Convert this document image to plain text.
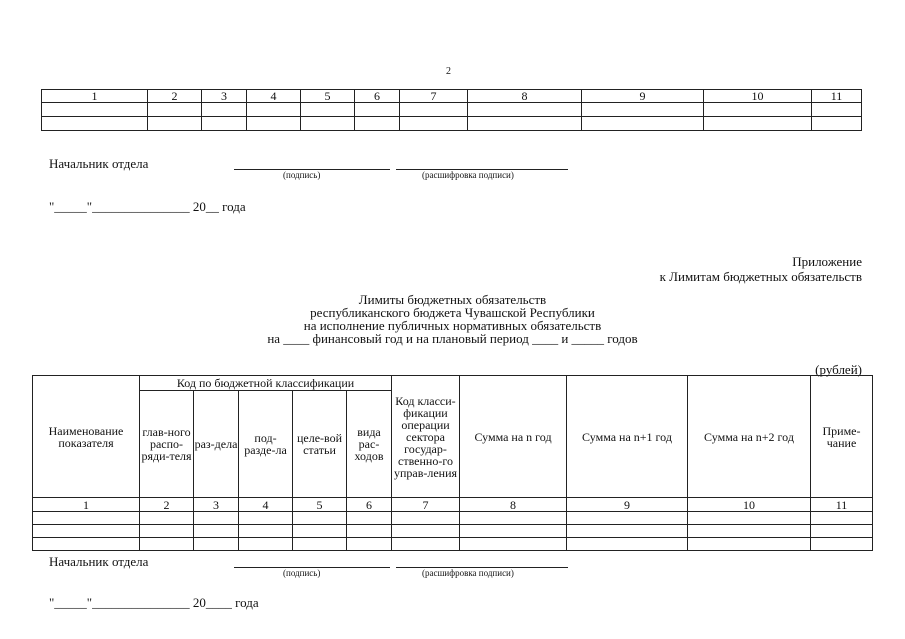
2
1	2	3	4	5	6	7	8	9	10	11

Начальник отдела
(подпись)	(расшифровка подписи)
"_____"_______________ 20__ года
Приложение
к Лимитам бюджетных обязательств
Лимиты бюджетных обязательств
республиканского бюджета Чувашской Республики
на исполнение публичных нормативных обязательств
на ____ финансовый год и на плановый период ____ и _____ годов
(рублей)
Наименование показателя	Код по бюджетной классификации					Код класси-фикации операции сектора государ-ственно-го управ-ления	Сумма на n год	Сумма на n+1 год	Сумма на n+2 год	Приме-чание
	глав-ного распо-ряди-теля	раз-дела	под-разде-ла	целе-вой статьи	вида рас-ходов					
1	2	3	4	5	6	7	8	9	10	11

Начальник отдела
(подпись)	(расшифровка подписи)
"_____"_______________ 20____ года
